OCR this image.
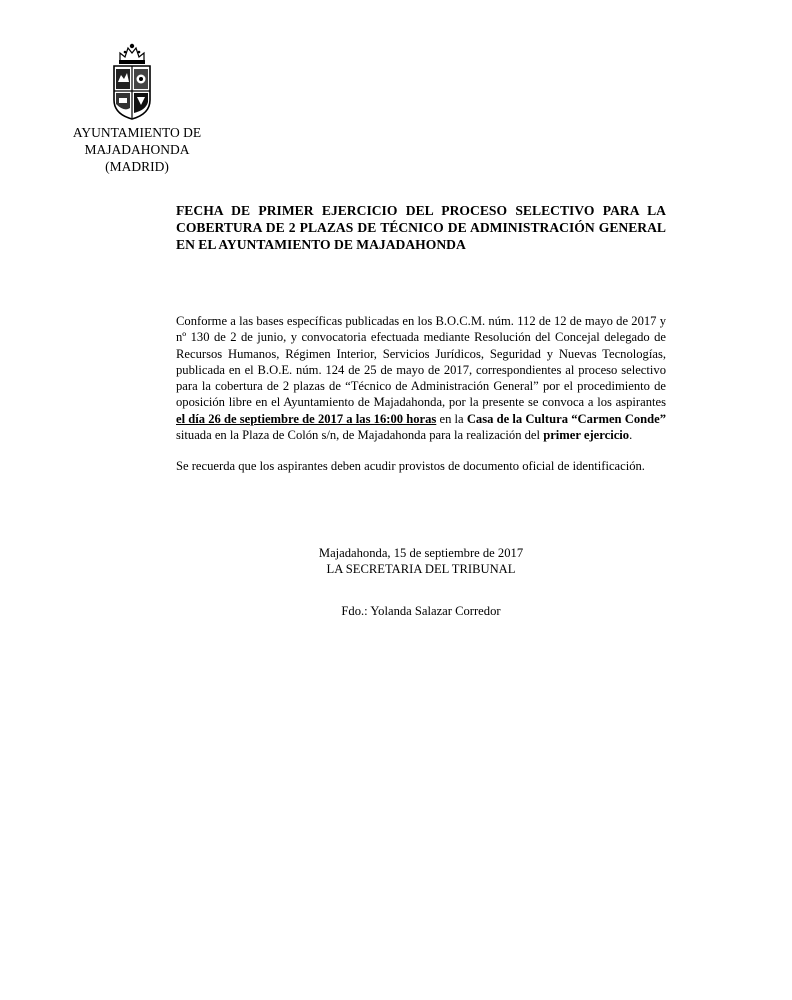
AYUNTAMIENTO DE
MAJADAHONDA
(MADRID)
FECHA DE PRIMER EJERCICIO DEL PROCESO SELECTIVO PARA LA COBERTURA DE 2 PLAZAS DE TÉCNICO DE ADMINISTRACIÓN GENERAL EN EL AYUNTAMIENTO DE MAJADAHONDA

Conforme a las bases específicas publicadas en los B.O.C.M. núm. 112 de 12 de mayo de 2017 y nº 130 de 2 de junio, y convocatoria efectuada mediante Resolución del Concejal delegado de Recursos Humanos, Régimen Interior, Servicios Jurídicos, Seguridad y Nuevas Tecnologías, publicada en el B.O.E. núm. 124 de 25 de mayo de 2017, correspondientes al proceso selectivo para la cobertura de 2 plazas de “Técnico de Administración General” por el procedimiento de oposición libre en el Ayuntamiento de Majadahonda, por la presente se convoca a los aspirantes el día 26 de septiembre de 2017 a las 16:00 horas en la Casa de la Cultura “Carmen Conde” situada en la Plaza de Colón s/n, de Majadahonda para la realización del primer ejercicio.

Se recuerda que los aspirantes deben acudir provistos de documento oficial de identificación.

Majadahonda, 15 de septiembre de 2017
LA SECRETARIA DEL TRIBUNAL
Fdo.: Yolanda Salazar Corredor
